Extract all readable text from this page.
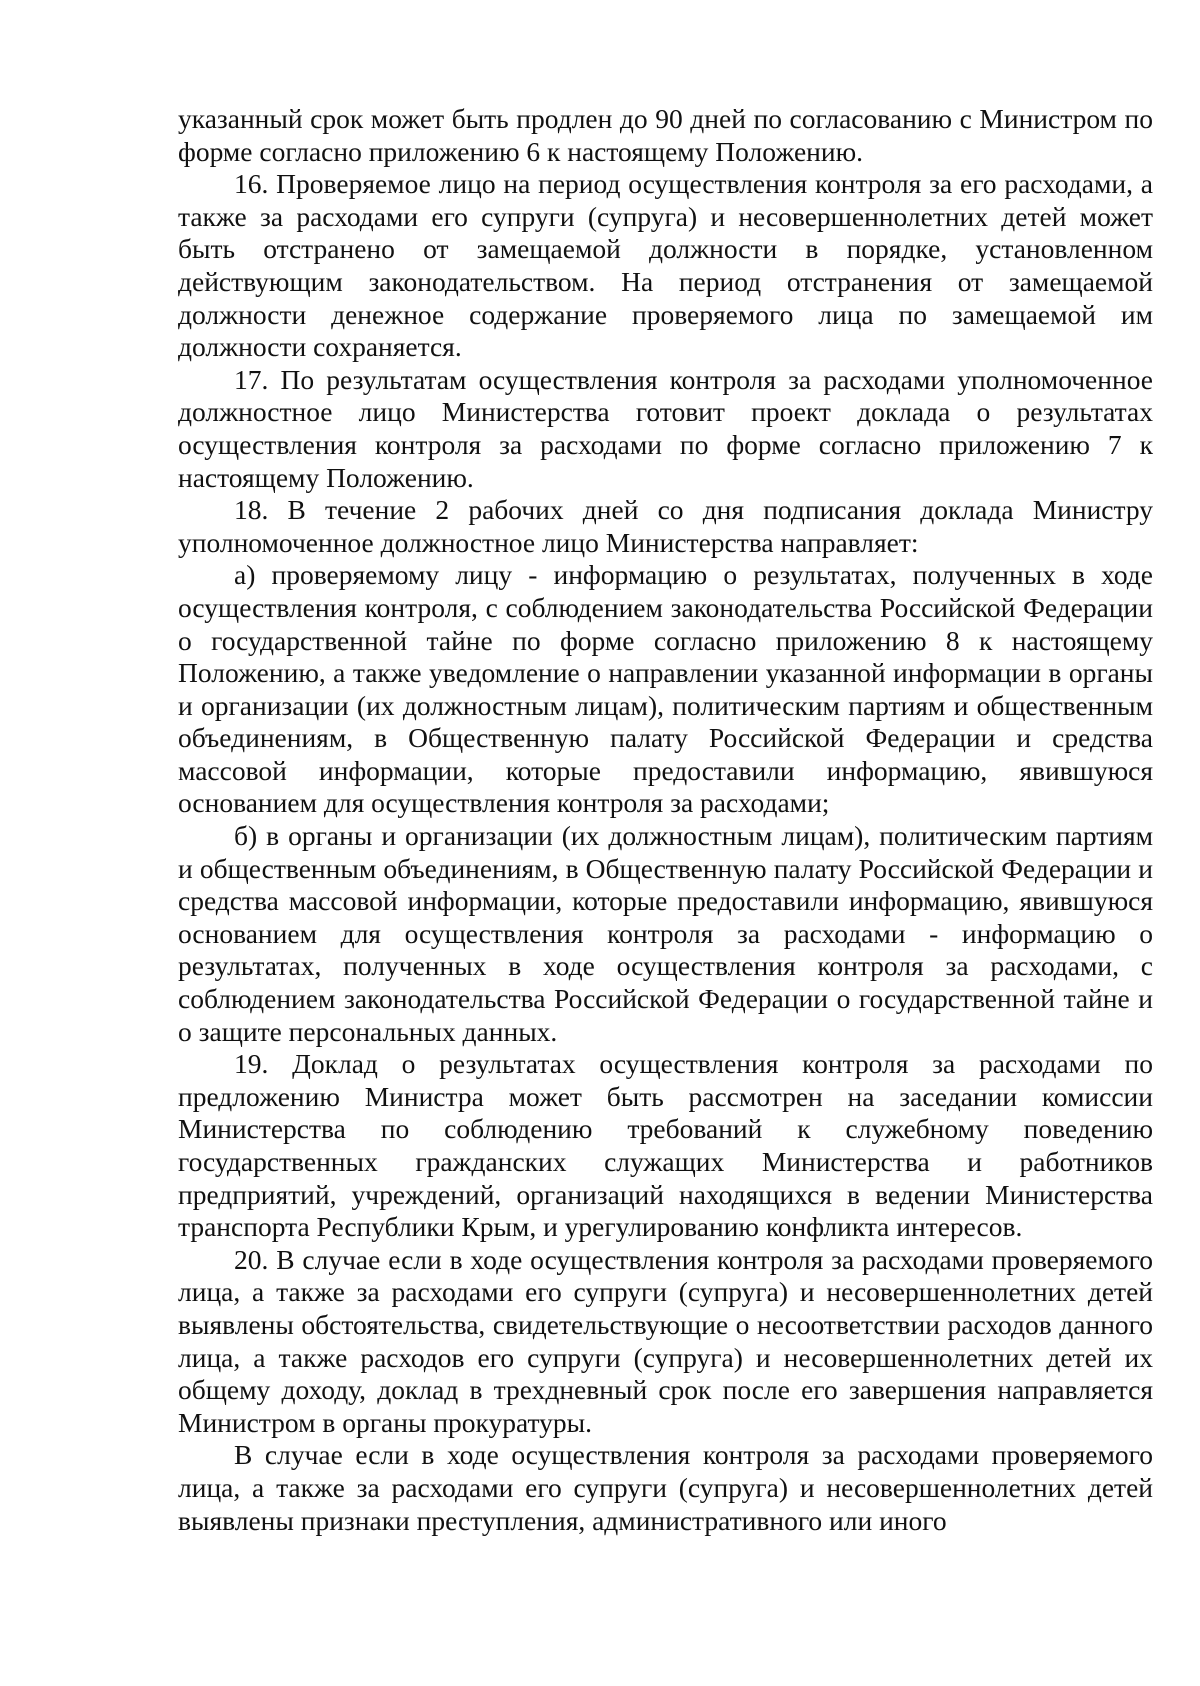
указанный срок может быть продлен до 90 дней по согласованию с Министром по форме согласно приложению 6 к настоящему Положению.

16. Проверяемое лицо на период осуществления контроля за его расходами, а также за расходами его супруги (супруга) и несовершеннолетних детей может быть отстранено от замещаемой должности в порядке, установленном действующим законодательством. На период отстранения от замещаемой должности денежное содержание проверяемого лица по замещаемой им должности сохраняется.

17. По результатам осуществления контроля за расходами уполномоченное должностное лицо Министерства готовит проект доклада о результатах осуществления контроля за расходами по форме согласно приложению 7 к настоящему Положению.

18. В течение 2 рабочих дней со дня подписания доклада Министру уполномоченное должностное лицо Министерства направляет:

а) проверяемому лицу - информацию о результатах, полученных в ходе осуществления контроля, с соблюдением законодательства Российской Федерации о государственной тайне по форме согласно приложению 8 к настоящему Положению, а также уведомление о направлении указанной информации в органы и организации (их должностным лицам), политическим партиям и общественным объединениям, в Общественную палату Российской Федерации и средства массовой информации, которые предоставили информацию, явившуюся основанием для осуществления контроля за расходами;

б) в органы и организации (их должностным лицам), политическим партиям и общественным объединениям, в Общественную палату Российской Федерации и средства массовой информации, которые предоставили информацию, явившуюся основанием для осуществления контроля за расходами - информацию о результатах, полученных в ходе осуществления контроля за расходами, с соблюдением законодательства Российской Федерации о государственной тайне и о защите персональных данных.

19. Доклад о результатах осуществления контроля за расходами по предложению Министра может быть рассмотрен на заседании комиссии Министерства по соблюдению требований к служебному поведению государственных гражданских служащих Министерства и работников предприятий, учреждений, организаций находящихся в ведении Министерства транспорта Республики Крым, и урегулированию конфликта интересов.

20. В случае если в ходе осуществления контроля за расходами проверяемого лица, а также за расходами его супруги (супруга) и несовершеннолетних детей выявлены обстоятельства, свидетельствующие о несоответствии расходов данного лица, а также расходов его супруги (супруга) и несовершеннолетних детей их общему доходу, доклад в трехдневный срок после его завершения направляется Министром в органы прокуратуры.

В случае если в ходе осуществления контроля за расходами проверяемого лица, а также за расходами его супруги (супруга) и несовершеннолетних детей выявлены признаки преступления, административного или иного
